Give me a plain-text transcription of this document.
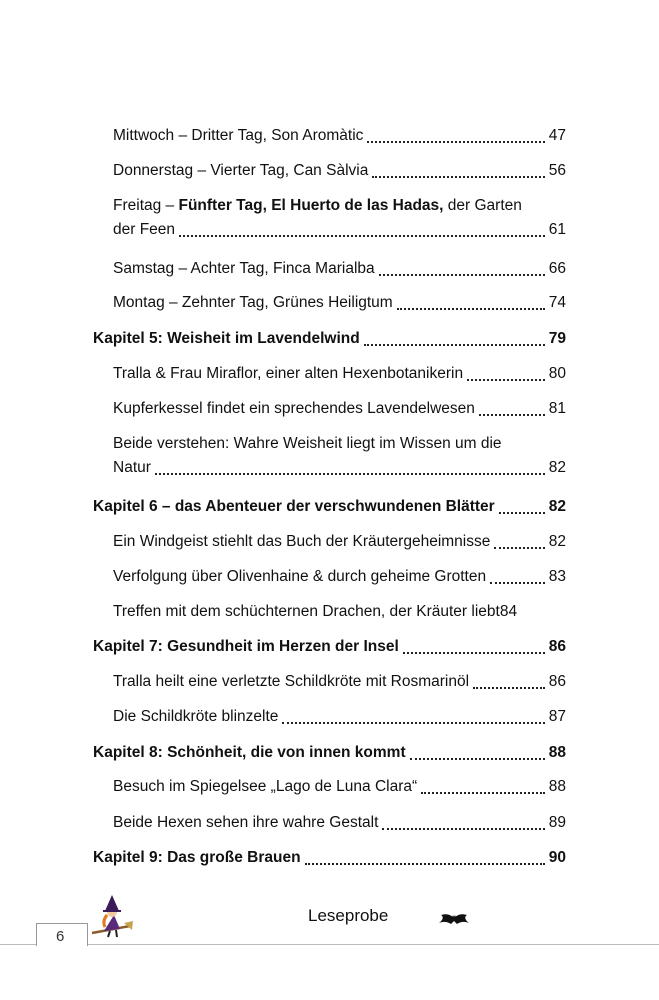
Mittwoch – Dritter Tag, Son Aromàtic	47
Donnerstag – Vierter Tag, Can Sàlvia	56
Freitag – Fünfter Tag, El Huerto de las Hadas, der Garten
der Feen	61
Samstag – Achter Tag, Finca Marialba	66
Montag – Zehnter Tag, Grünes Heiligtum	74
Kapitel 5: Weisheit im Lavendelwind	79
Tralla & Frau Miraflor, einer alten Hexenbotanikerin	80
Kupferkessel findet ein sprechendes Lavendelwesen	81
Beide verstehen: Wahre Weisheit liegt im Wissen um die
Natur	82
Kapitel 6 – das Abenteuer der verschwundenen Blätter	82
Ein Windgeist stiehlt das Buch der Kräutergeheimnisse	82
Verfolgung über Olivenhaine & durch geheime Grotten	83
Treffen mit dem schüchternen Drachen, der Kräuter liebt 84
Kapitel 7: Gesundheit im Herzen der Insel	86
Tralla heilt eine verletzte Schildkröte mit Rosmarinöl	86
Die Schildkröte blinzelte	87
Kapitel 8: Schönheit, die von innen kommt	88
Besuch im Spiegelsee „Lago de Luna Clara“	88
Beide Hexen sehen ihre wahre Gestalt	89
Kapitel 9: Das große Brauen	90
6
Leseprobe
